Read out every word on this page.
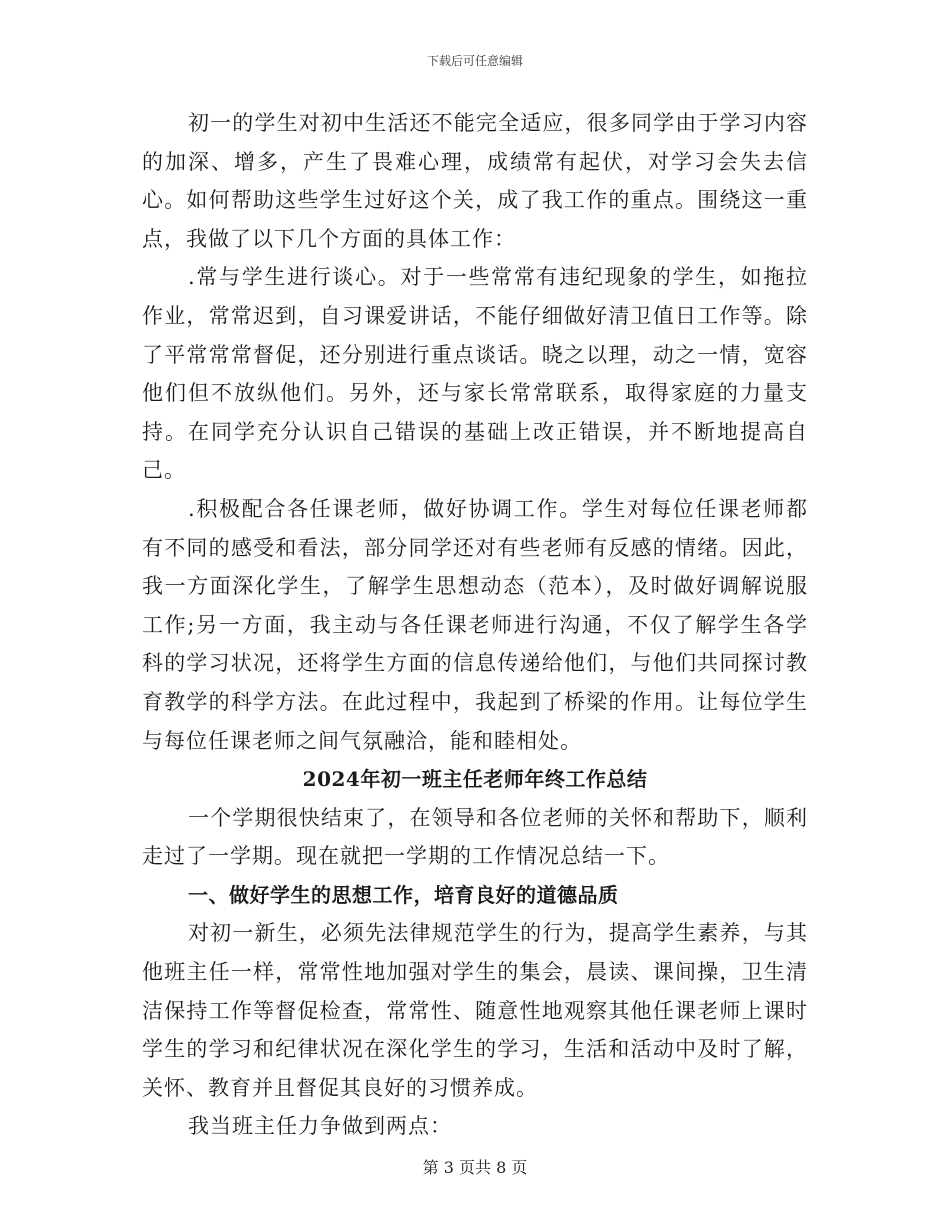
下载后可任意编辑

初一的学生对初中生活还不能完全适应，很多同学由于学习内容的加深、增多，产生了畏难心理，成绩常有起伏，对学习会失去信心。如何帮助这些学生过好这个关，成了我工作的重点。围绕这一重点，我做了以下几个方面的具体工作：

.常与学生进行谈心。对于一些常常有违纪现象的学生，如拖拉作业，常常迟到，自习课爱讲话，不能仔细做好清卫值日工作等。除了平常常常督促，还分别进行重点谈话。晓之以理，动之一情，宽容他们但不放纵他们。另外，还与家长常常联系，取得家庭的力量支持。在同学充分认识自己错误的基础上改正错误，并不断地提高自己。

.积极配合各任课老师，做好协调工作。学生对每位任课老师都有不同的感受和看法，部分同学还对有些老师有反感的情绪。因此，我一方面深化学生，了解学生思想动态（范本），及时做好调解说服工作;另一方面，我主动与各任课老师进行沟通，不仅了解学生各学科的学习状况，还将学生方面的信息传递给他们，与他们共同探讨教育教学的科学方法。在此过程中，我起到了桥梁的作用。让每位学生与每位任课老师之间气氛融洽，能和睦相处。

2024年初一班主任老师年终工作总结

一个学期很快结束了，在领导和各位老师的关怀和帮助下，顺利走过了一学期。现在就把一学期的工作情况总结一下。

一、做好学生的思想工作，培育良好的道德品质

对初一新生，必须先法律规范学生的行为，提高学生素养，与其他班主任一样，常常性地加强对学生的集会，晨读、课间操，卫生清洁保持工作等督促检查，常常性、随意性地观察其他任课老师上课时学生的学习和纪律状况在深化学生的学习，生活和活动中及时了解，关怀、教育并且督促其良好的习惯养成。

我当班主任力争做到两点：

第 3 页共 8 页
